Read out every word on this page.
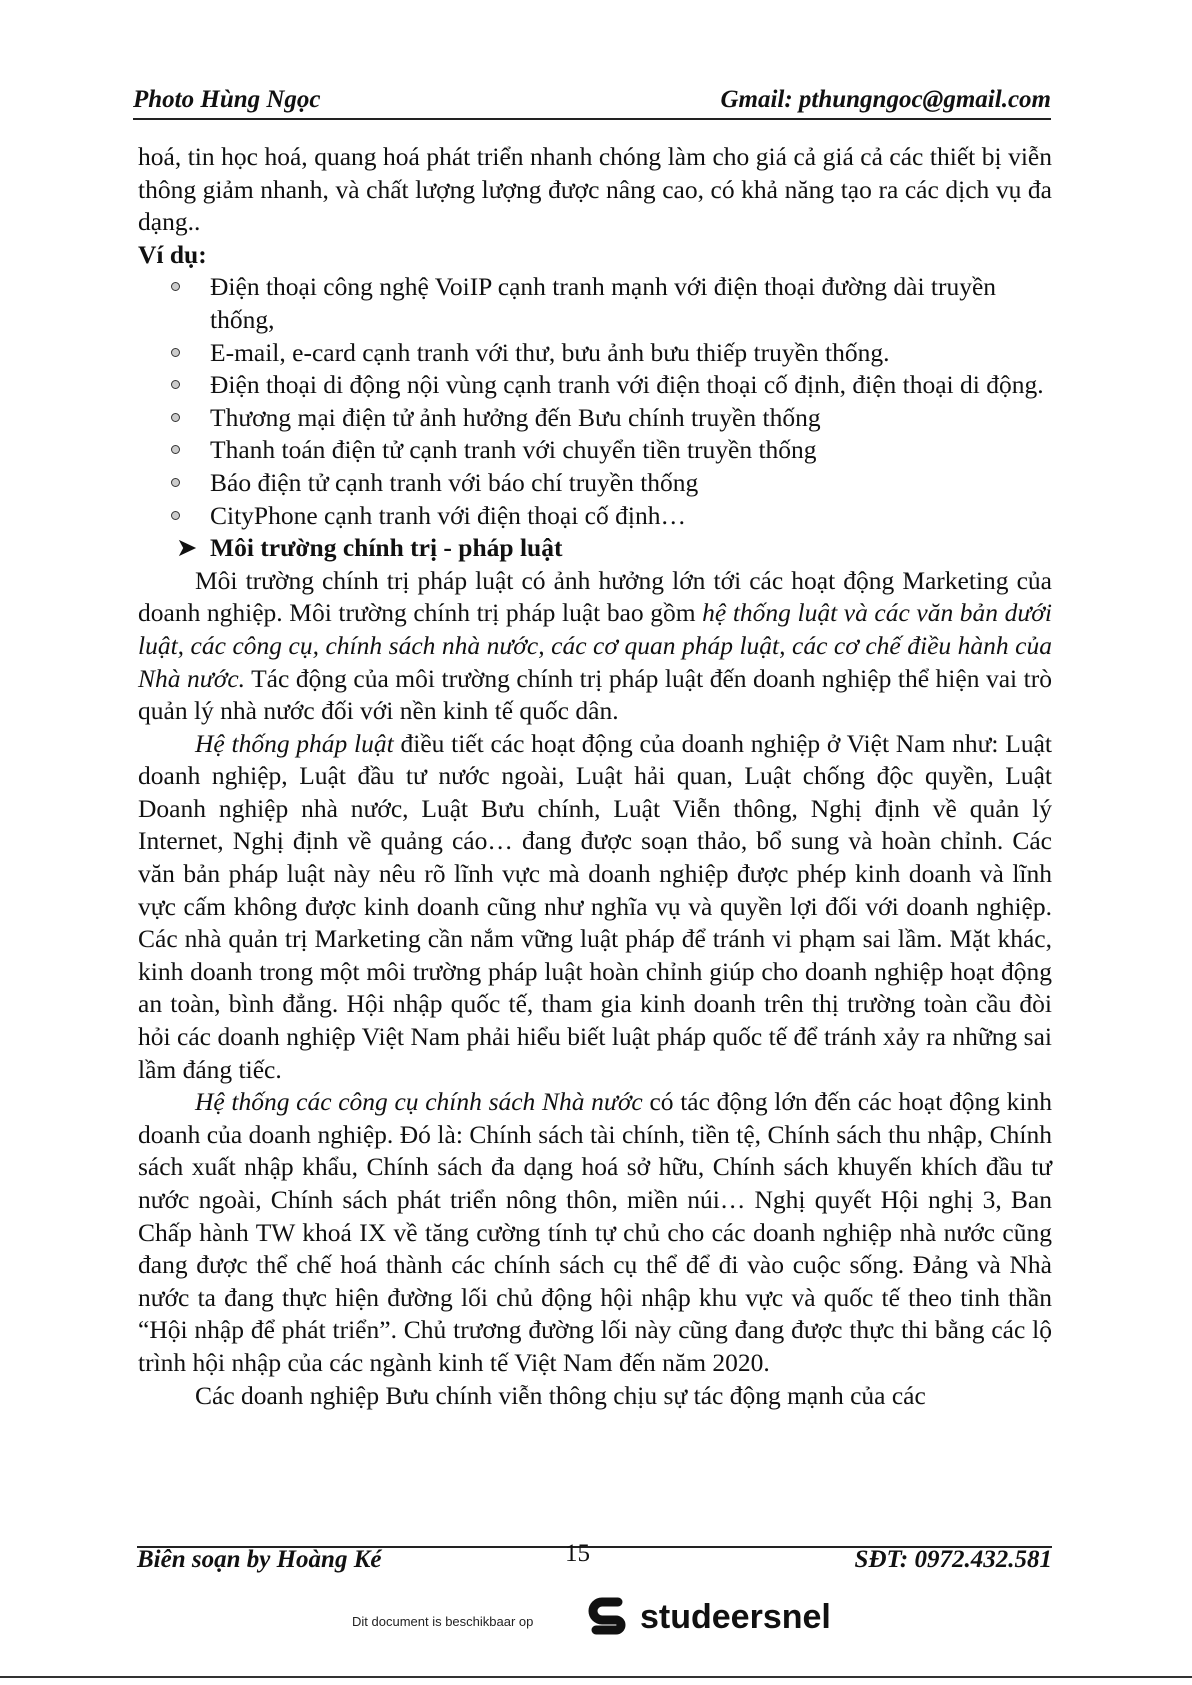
Photo Hùng Ngọc	Gmail: pthungngoc@gmail.com

hoá, tin học hoá, quang hoá phát triển nhanh chóng làm cho giá cả giá cả các thiết bị viễn thông giảm nhanh, và chất lượng lượng được nâng cao, có khả năng tạo ra các dịch vụ đa dạng..

Ví dụ:

Điện thoại công nghệ VoiIP cạnh tranh mạnh với điện thoại đường dài truyền thống,
E-mail, e-card cạnh tranh với thư, bưu ảnh bưu thiếp truyền thống.
Điện thoại di động nội vùng cạnh tranh với điện thoại cố định, điện thoại di động.
Thương mại điện tử ảnh hưởng đến Bưu chính truyền thống
Thanh toán điện tử cạnh tranh với chuyển tiền truyền thống
Báo điện tử cạnh tranh với báo chí truyền thống
CityPhone cạnh tranh với điện thoại cố định…

➤ Môi trường chính trị - pháp luật

Môi trường chính trị pháp luật có ảnh hưởng lớn tới các hoạt động Marketing của doanh nghiệp. Môi trường chính trị pháp luật bao gồm hệ thống luật và các văn bản dưới luật, các công cụ, chính sách nhà nước, các cơ quan pháp luật, các cơ chế điều hành của Nhà nước. Tác động của môi trường chính trị pháp luật đến doanh nghiệp thể hiện vai trò quản lý nhà nước đối với nền kinh tế quốc dân.

Hệ thống pháp luật điều tiết các hoạt động của doanh nghiệp ở Việt Nam như: Luật doanh nghiệp, Luật đầu tư nước ngoài, Luật hải quan, Luật chống độc quyền, Luật Doanh nghiệp nhà nước, Luật Bưu chính, Luật Viễn thông, Nghị định về quản lý Internet, Nghị định về quảng cáo… đang được soạn thảo, bổ sung và hoàn chỉnh. Các văn bản pháp luật này nêu rõ lĩnh vực mà doanh nghiệp được phép kinh doanh và lĩnh vực cấm không được kinh doanh cũng như nghĩa vụ và quyền lợi đối với doanh nghiệp. Các nhà quản trị Marketing cần nắm vững luật pháp để tránh vi phạm sai lầm. Mặt khác, kinh doanh trong một môi trường pháp luật hoàn chỉnh giúp cho doanh nghiệp hoạt động an toàn, bình đẳng. Hội nhập quốc tế, tham gia kinh doanh trên thị trường toàn cầu đòi hỏi các doanh nghiệp Việt Nam phải hiểu biết luật pháp quốc tế để tránh xảy ra những sai lầm đáng tiếc.

Hệ thống các công cụ chính sách Nhà nước có tác động lớn đến các hoạt động kinh doanh của doanh nghiệp. Đó là: Chính sách tài chính, tiền tệ, Chính sách thu nhập, Chính sách xuất nhập khẩu, Chính sách đa dạng hoá sở hữu, Chính sách khuyến khích đầu tư nước ngoài, Chính sách phát triển nông thôn, miền núi… Nghị quyết Hội nghị 3, Ban Chấp hành TW khoá IX về tăng cường tính tự chủ cho các doanh nghiệp nhà nước cũng đang được thể chế hoá thành các chính sách cụ thể để đi vào cuộc sống. Đảng và Nhà nước ta đang thực hiện đường lối chủ động hội nhập khu vực và quốc tế theo tinh thần “Hội nhập để phát triển”. Chủ trương đường lối này cũng đang được thực thi bằng các lộ trình hội nhập của các ngành kinh tế Việt Nam đến năm 2020.

Các doanh nghiệp Bưu chính viễn thông chịu sự tác động mạnh của các

Biên soạn by Hoàng Ké	15	SĐT: 0972.432.581
Dit document is beschikbaar op	studeersnel
